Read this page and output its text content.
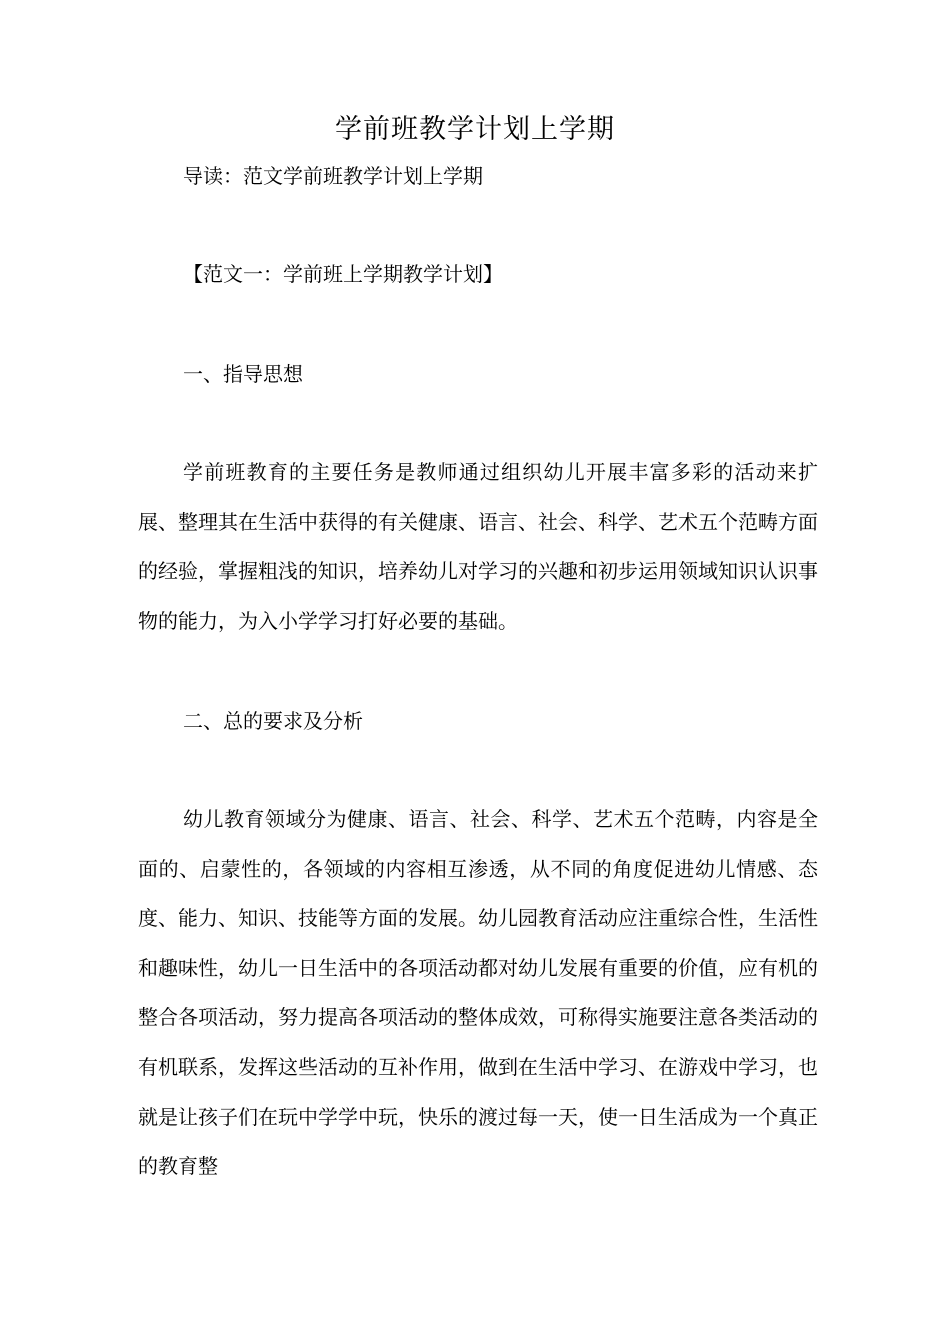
学前班教学计划上学期
导读：范文学前班教学计划上学期
【范文一：学前班上学期教学计划】
一、指导思想

学前班教育的主要任务是教师通过组织幼儿开展丰富多彩的活动来扩展、整理其在生活中获得的有关健康、语言、社会、科学、艺术五个范畴方面的经验，掌握粗浅的知识，培养幼儿对学习的兴趣和初步运用领域知识认识事物的能力，为入小学学习打好必要的基础。

二、总的要求及分析

幼儿教育领域分为健康、语言、社会、科学、艺术五个范畴，内容是全面的、启蒙性的，各领域的内容相互渗透，从不同的角度促进幼儿情感、态度、能力、知识、技能等方面的发展。幼儿园教育活动应注重综合性，生活性和趣味性，幼儿一日生活中的各项活动都对幼儿发展有重要的价值，应有机的整合各项活动，努力提高各项活动的整体成效，可称得实施要注意各类活动的有机联系，发挥这些活动的互补作用，做到在生活中学习、在游戏中学习，也就是让孩子们在玩中学学中玩，快乐的渡过每一天，使一日生活成为一个真正的教育整
